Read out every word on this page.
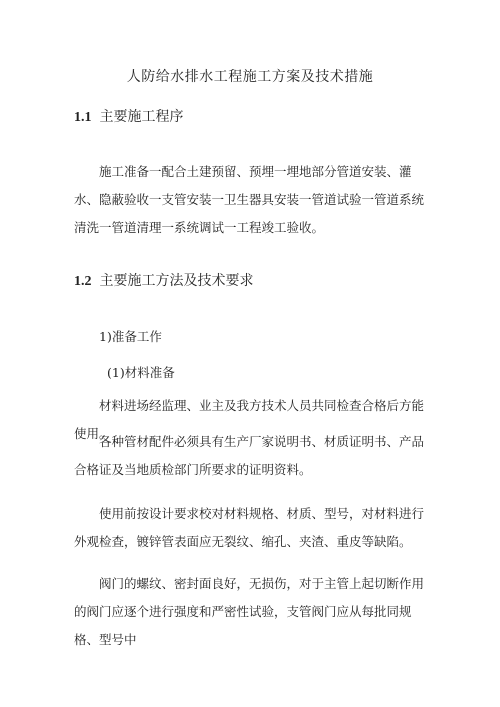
人防给水排水工程施工方案及技术措施
1.1 主要施工程序

施工准备一配合土建预留、预埋一埋地部分管道安装、灌水、隐蔽验收一支管安装一卫生器具安装一管道试验一管道系统清洗一管道清理一系统调试一工程竣工验收。

1.2 主要施工方法及技术要求
1)准备工作
(1)材料准备

材料进场经监理、业主及我方技术人员共同检查合格后方能使用。

各种管材配件必须具有生产厂家说明书、材质证明书、产品合格证及当地质检部门所要求的证明资料。

使用前按设计要求校对材料规格、材质、型号，对材料进行外观检查，镀锌管表面应无裂纹、缩孔、夹渣、重皮等缺陷。

阀门的螺纹、密封面良好，无损伤，对于主管上起切断作用的阀门应逐个进行强度和严密性试验，支管阀门应从每批同规格、型号中
